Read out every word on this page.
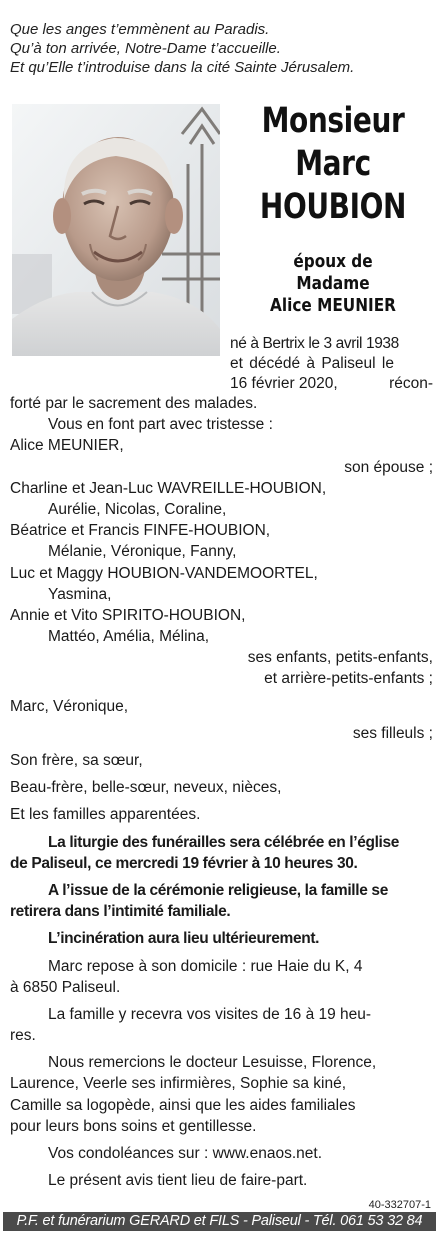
Que les anges t’emmènent au Paradis.
Qu’à ton arrivée, Notre-Dame t’accueille.
Et qu’Elle t’introduise dans la cité Sainte Jérusalem.
Monsieur
Marc
HOUBION
époux de
Madame
Alice MEUNIER
né à Bertrix le 3 avril 1938
et décédé à Paliseul le
16 février 2020,	récon-
forté par le sacrement des malades.
Vous en font part avec tristesse :
Alice MEUNIER,
son épouse ;
Charline et Jean-Luc WAVREILLE-HOUBION,
Aurélie, Nicolas, Coraline,
Béatrice et Francis FINFE-HOUBION,
Mélanie, Véronique, Fanny,
Luc et Maggy HOUBION-VANDEMOORTEL,
Yasmina,
Annie et Vito SPIRITO-HOUBION,
Mattéo, Amélia, Mélina,
ses enfants, petits-enfants,
et arrière-petits-enfants ;
Marc, Véronique,
ses filleuls ;
Son frère, sa sœur,
Beau-frère, belle-sœur, neveux, nièces,
Et les familles apparentées.
La liturgie des funérailles sera célébrée en l’église
de Paliseul, ce mercredi 19 février à 10 heures 30.
A l’issue de la cérémonie religieuse, la famille se
retirera dans l’intimité familiale.
L’incinération aura lieu ultérieurement.
Marc repose à son domicile : rue Haie du K, 4
à 6850 Paliseul.
La famille y recevra vos visites de 16 à 19 heu-
res.
Nous remercions le docteur Lesuisse, Florence,
Laurence, Veerle ses infirmières, Sophie sa kiné,
Camille sa logopède, ainsi que les aides familiales
pour leurs bons soins et gentillesse.
Vos condoléances sur : www.enaos.net.
Le présent avis tient lieu de faire-part.
40-332707-1
P.F. et funérarium GERARD et FILS - Paliseul - Tél. 061 53 32 84
